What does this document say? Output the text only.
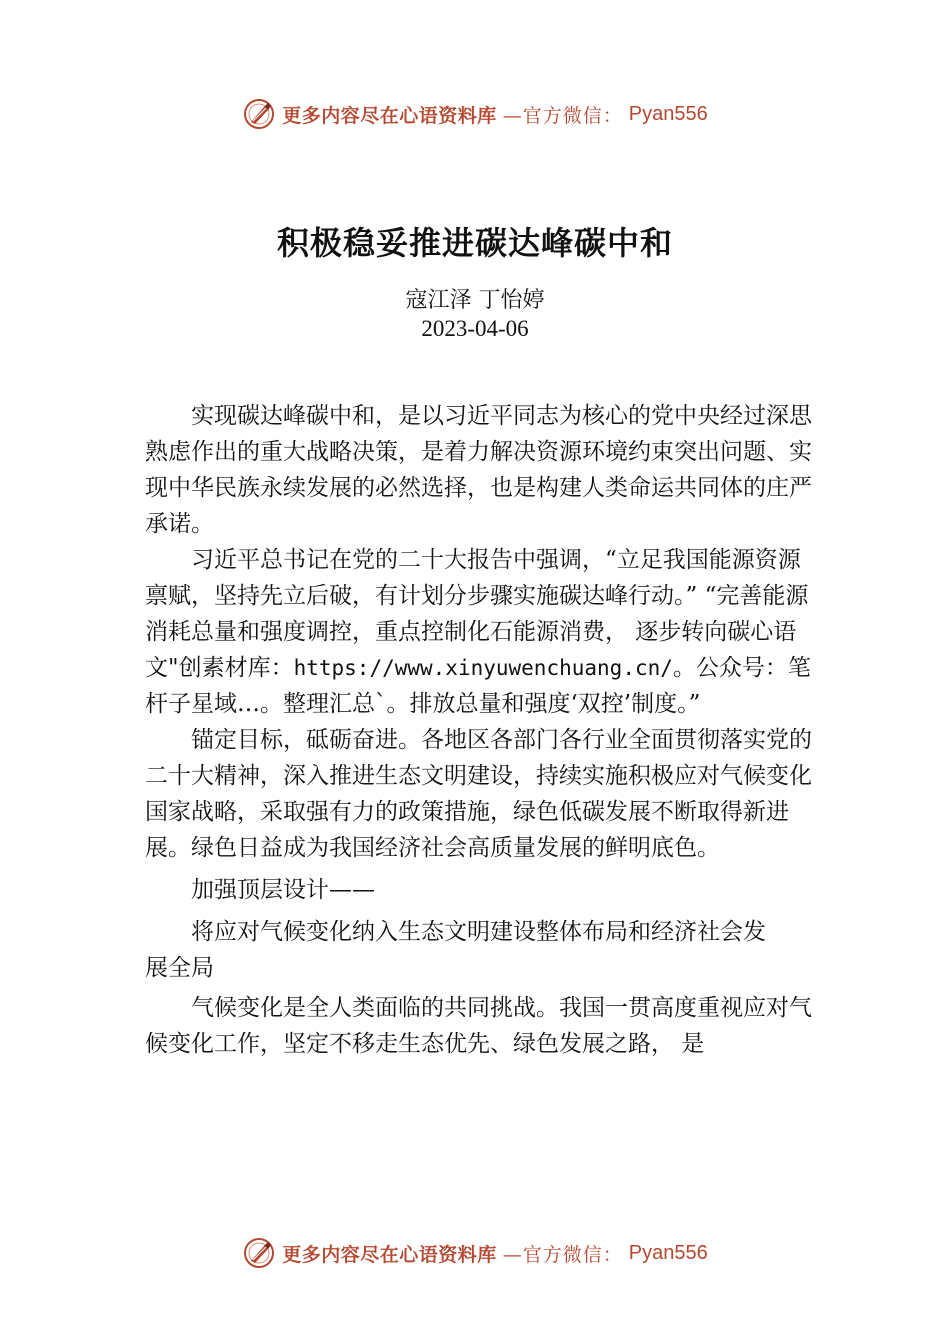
更多内容尽在心语资料库 —官方微信： Pyan556
积极稳妥推进碳达峰碳中和
寇江泽 丁怡婷
2023-04-06

实现碳达峰碳中和，是以习近平同志为核心的党中央经过深思熟虑作出的重大战略决策，是着力解决资源环境约束突出问题、实现中华民族永续发展的必然选择，也是构建人类命运共同体的庄严承诺。

习近平总书记在党的二十大报告中强调，“立足我国能源资源禀赋，坚持先立后破，有计划分步骤实施碳达峰行动。” “完善能源消耗总量和强度调控，重点控制化石能源消费， 逐步转向碳心语文"创素材库：https://www.xinyuwenchuang.cn/。公众号：笔杆子星域…。整理汇总`。排放总量和强度‘双控’制度。”

锚定目标，砥砺奋进。各地区各部门各行业全面贯彻落实党的二十大精神，深入推进生态文明建设，持续实施积极应对气候变化国家战略，采取强有力的政策措施，绿色低碳发展不断取得新进展。绿色日益成为我国经济社会高质量发展的鲜明底色。

加强顶层设计——

将应对气候变化纳入生态文明建设整体布局和经济社会发展全局

气候变化是全人类面临的共同挑战。我国一贯高度重视应对气候变化工作，坚定不移走生态优先、绿色发展之路， 是

更多内容尽在心语资料库 —官方微信： Pyan556
